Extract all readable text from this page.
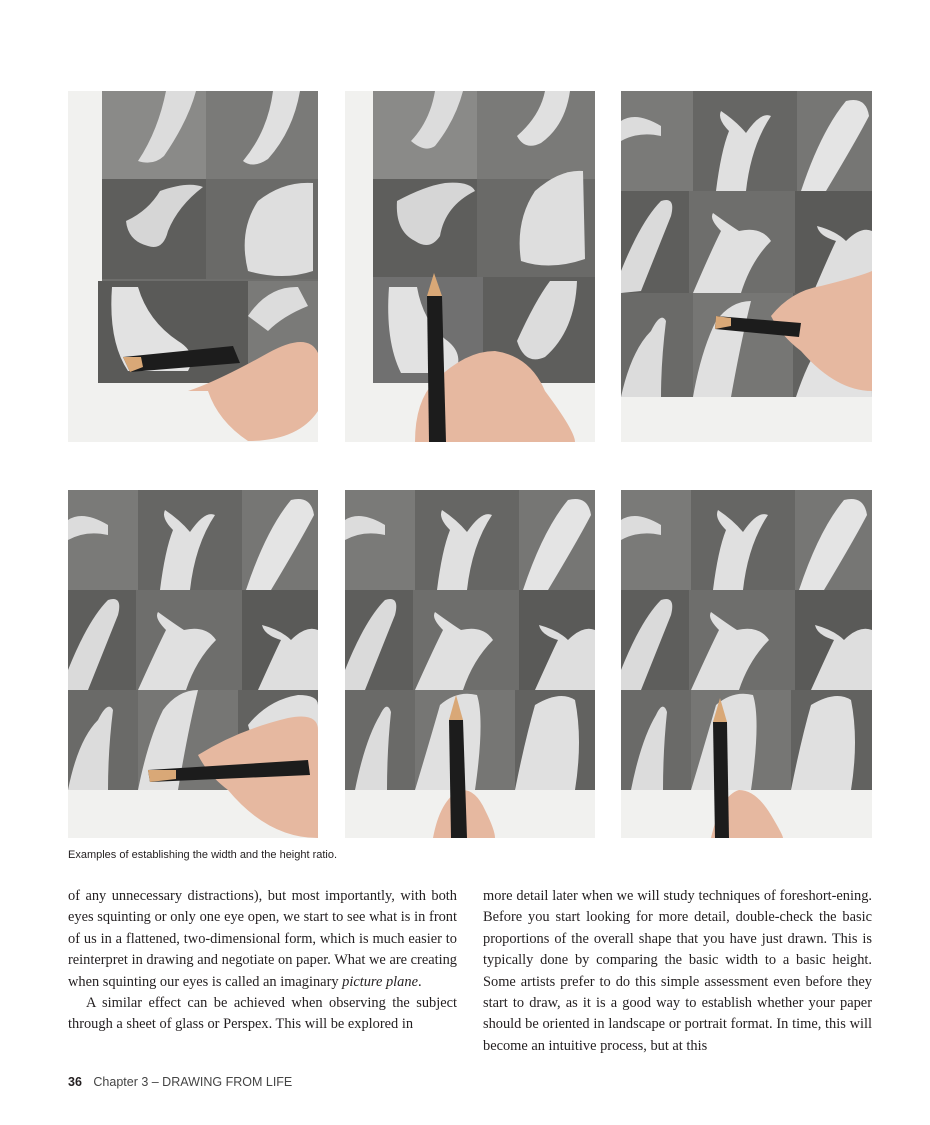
Examples of establishing the width and the height ratio.

of any unnecessary distractions), but most importantly, with both eyes squinting or only one eye open, we start to see what is in front of us in a flattened, two-dimensional form, which is much easier to reinterpret in drawing and negotiate on paper. What we are creating when squinting our eyes is called an imaginary picture plane.

A similar effect can be achieved when observing the subject through a sheet of glass or Perspex. This will be explored in

more detail later when we will study techniques of foreshort-ening. Before you start looking for more detail, double-check the basic proportions of the overall shape that you have just drawn. This is typically done by comparing the basic width to a basic height. Some artists prefer to do this simple assessment even before they start to draw, as it is a good way to establish whether your paper should be oriented in landscape or portrait format. In time, this will become an intuitive process, but at this

36 Chapter 3 – DRAWING FROM LIFE
